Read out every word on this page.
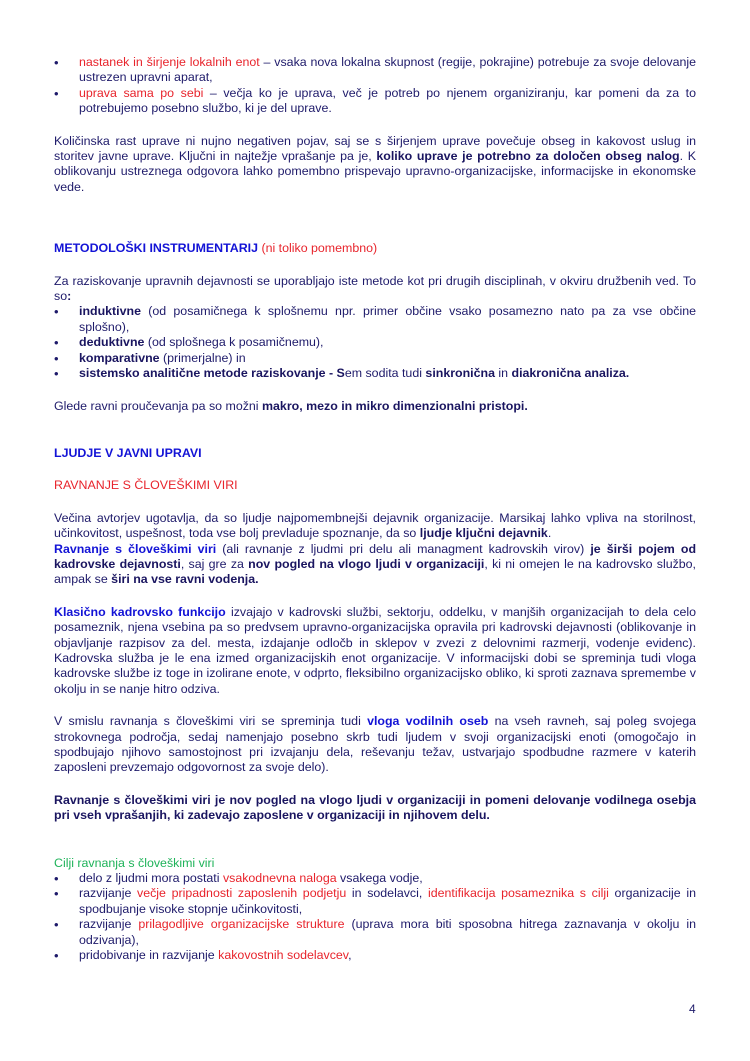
• nastanek in širjenje lokalnih enot – vsaka nova lokalna skupnost (regije, pokrajine) potrebuje za svoje delovanje ustrezen upravni aparat,
• uprava sama po sebi – večja ko je uprava, več je potreb po njenem organiziranju, kar pomeni da za to potrebujemo posebno službo, ki je del uprave.

Količinska rast uprave ni nujno negativen pojav, saj se s širjenjem uprave povečuje obseg in kakovost uslug in storitev javne uprave. Ključni in najtežje vprašanje pa je, koliko uprave je potrebno za določen obseg nalog. K oblikovanju ustreznega odgovora lahko pomembno prispevajo upravno-organizacijske, informacijske in ekonomske vede.

METODOLOŠKI INSTRUMENTARIJ (ni toliko pomembno)

Za raziskovanje upravnih dejavnosti se uporabljajo iste metode kot pri drugih disciplinah, v okviru družbenih ved. To so:

• induktivne (od posamičnega k splošnemu npr. primer občine vsako posamezno nato pa za vse občine splošno),
• deduktivne (od splošnega k posamičnemu),
• komparativne (primerjalne) in
• sistemsko analitične metode raziskovanje - Sem sodita tudi sinkronična in diakronična analiza.

Glede ravni proučevanja pa so možni makro, mezo in mikro dimenzionalni pristopi.

LJUDJE V JAVNI UPRAVI

RAVNANJE S ČLOVEŠKIMI VIRI

Večina avtorjev ugotavlja, da so ljudje najpomembnejši dejavnik organizacije. Marsikaj lahko vpliva na storilnost, učinkovitost, uspešnost, toda vse bolj prevladuje spoznanje, da so ljudje ključni dejavnik.

Ravnanje s človeškimi viri (ali ravnanje z ljudmi pri delu ali managment kadrovskih virov) je širši pojem od kadrovske dejavnosti, saj gre za nov pogled na vlogo ljudi v organizaciji, ki ni omejen le na kadrovsko službo, ampak se širi na vse ravni vodenja.

Klasično kadrovsko funkcijo izvajajo v kadrovski službi, sektorju, oddelku, v manjših organizacijah to dela celo posameznik, njena vsebina pa so predvsem upravno-organizacijska opravila pri kadrovski dejavnosti (oblikovanje in objavljanje razpisov za del. mesta, izdajanje odločb in sklepov v zvezi z delovnimi razmerji, vodenje evidenc). Kadrovska služba je le ena izmed organizacijskih enot organizacije. V informacijski dobi se spreminja tudi vloga kadrovske službe iz toge in izolirane enote, v odprto, fleksibilno organizacijsko obliko, ki sproti zaznava spremembe v okolju in se nanje hitro odziva.

V smislu ravnanja s človeškimi viri se spreminja tudi vloga vodilnih oseb na vseh ravneh, saj poleg svojega strokovnega področja, sedaj namenjajo posebno skrb tudi ljudem v svoji organizacijski enoti (omogočajo in spodbujajo njihovo samostojnost pri izvajanju dela, reševanju težav, ustvarjajo spodbudne razmere v katerih zaposleni prevzemajo odgovornost za svoje delo).

Ravnanje s človeškimi viri je nov pogled na vlogo ljudi v organizaciji in pomeni delovanje vodilnega osebja pri vseh vprašanjih, ki zadevajo zaposlene v organizaciji in njihovem delu.

Cilji ravnanja s človeškimi viri

• delo z ljudmi mora postati vsakodnevna naloga vsakega vodje,
• razvijanje večje pripadnosti zaposlenih podjetju in sodelavci, identifikacija posameznika s cilji organizacije in spodbujanje visoke stopnje učinkovitosti,
• razvijanje prilagodljive organizacijske strukture (uprava mora biti sposobna hitrega zaznavanja v okolju in odzivanja),
• pridobivanje in razvijanje kakovostnih sodelavcev,
4
